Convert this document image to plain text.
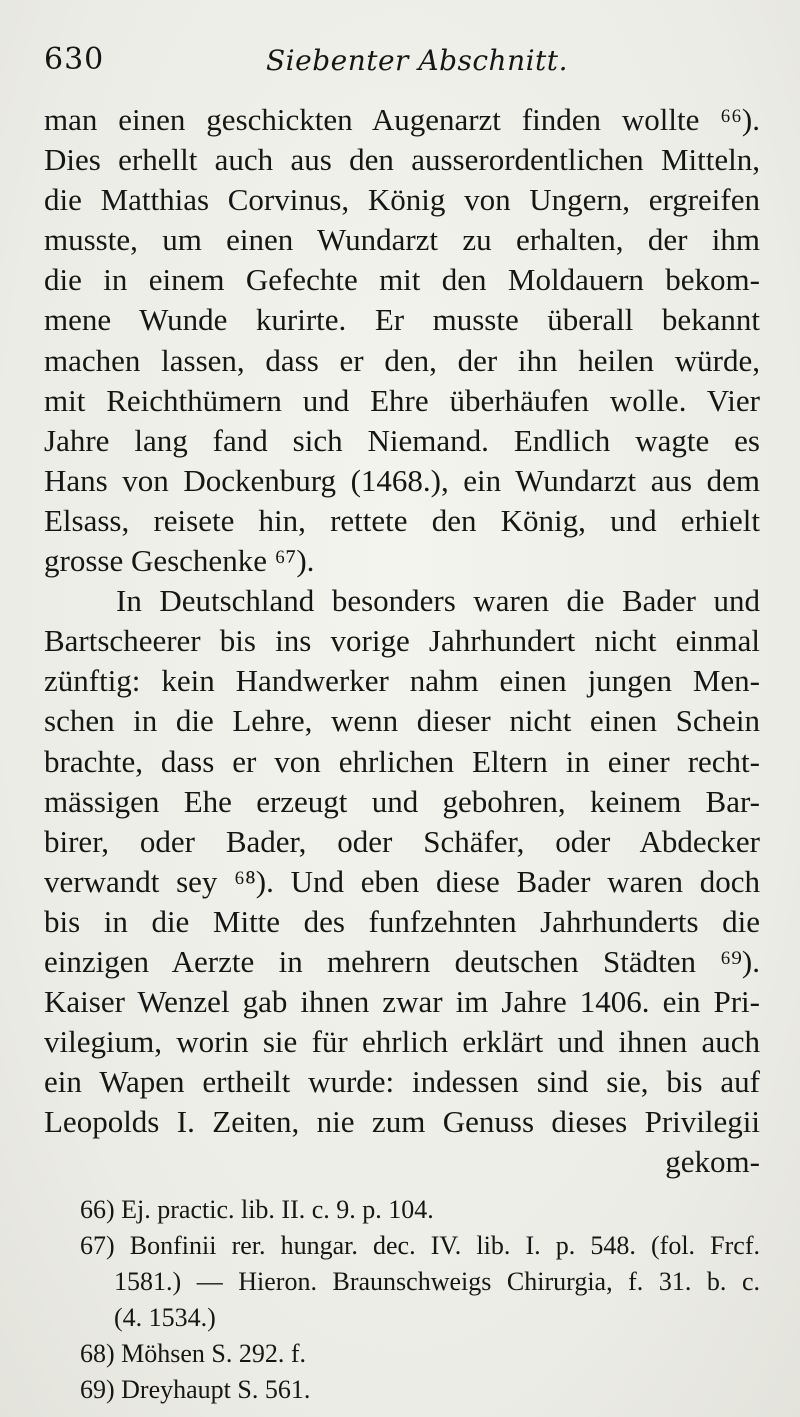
630	Siebenter Abschnitt.
man einen geschickten Augenarzt finden wollte ⁶⁶).
Dies erhellt auch aus den ausserordentlichen Mitteln,
die Matthias Corvinus, König von Ungern, ergreifen
musste, um einen Wundarzt zu erhalten, der ihm
die in einem Gefechte mit den Moldauern bekom-
mene Wunde kurirte. Er musste überall bekannt
machen lassen, dass er den, der ihn heilen würde,
mit Reichthümern und Ehre überhäufen wolle. Vier
Jahre lang fand sich Niemand. Endlich wagte es
Hans von Dockenburg (1468.), ein Wundarzt aus dem
Elsass, reisete hin, rettete den König, und erhielt
grosse Geschenke ⁶⁷).
In Deutschland besonders waren die Bader und
Bartscheerer bis ins vorige Jahrhundert nicht einmal
zünftig: kein Handwerker nahm einen jungen Men-
schen in die Lehre, wenn dieser nicht einen Schein
brachte, dass er von ehrlichen Eltern in einer recht-
mässigen Ehe erzeugt und gebohren, keinem Bar-
birer, oder Bader, oder Schäfer, oder Abdecker
verwandt sey ⁶⁸). Und eben diese Bader waren doch
bis in die Mitte des funfzehnten Jahrhunderts die
einzigen Aerzte in mehrern deutschen Städten ⁶⁹).
Kaiser Wenzel gab ihnen zwar im Jahre 1406. ein Pri-
vilegium, worin sie für ehrlich erklärt und ihnen auch
ein Wapen ertheilt wurde: indessen sind sie, bis auf
Leopolds I. Zeiten, nie zum Genuss dieses Privilegii
gekom-
66) Ej. practic. lib. II. c. 9. p. 104.
67) Bonfinii rer. hungar. dec. IV. lib. I. p. 548. (fol. Frcf.
1581.) — Hieron. Braunschweigs Chirurgia, f. 31. b. c.
(4. 1534.)
68) Möhsen S. 292. f.
69) Dreyhaupt S. 561.
